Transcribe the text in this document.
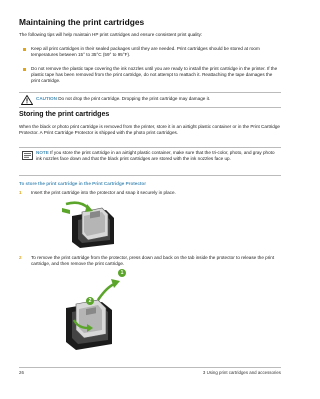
Maintaining the print cartridges
The following tips will help maintain HP print cartridges and ensure consistent print quality:
Keep all print cartridges in their sealed packages until they are needed. Print cartridges should be stored at room temperatures between 15° to 35°C (59° to 95°F).
Do not remove the plastic tape covering the ink nozzles until you are ready to install the print cartridge in the printer. If the plastic tape has been removed from the print cartridge, do not attempt to reattach it. Reattaching the tape damages the print cartridge.
CAUTION Do not drop the print cartridge. Dropping the print cartridge may damage it.
Storing the print cartridges
When the black or photo print cartridge is removed from the printer, store it in an airtight plastic container or in the Print Cartridge Protector. A Print Cartridge Protector is shipped with the photo print cartridges.
NOTE If you store the print cartridge in an airtight plastic container, make sure that the tri-color, photo, and gray photo ink nozzles face down and that the black print cartridges are stored with the ink nozzles face up.
To store the print cartridge in the Print Cartridge Protector
1 Insert the print cartridge into the protector and snap it securely in place.
2 To remove the print cartridge from the protector, press down and back on the tab inside the protector to release the print cartridge, and then remove the print cartridge.
1
2
26	3 Using print cartridges and accessories
